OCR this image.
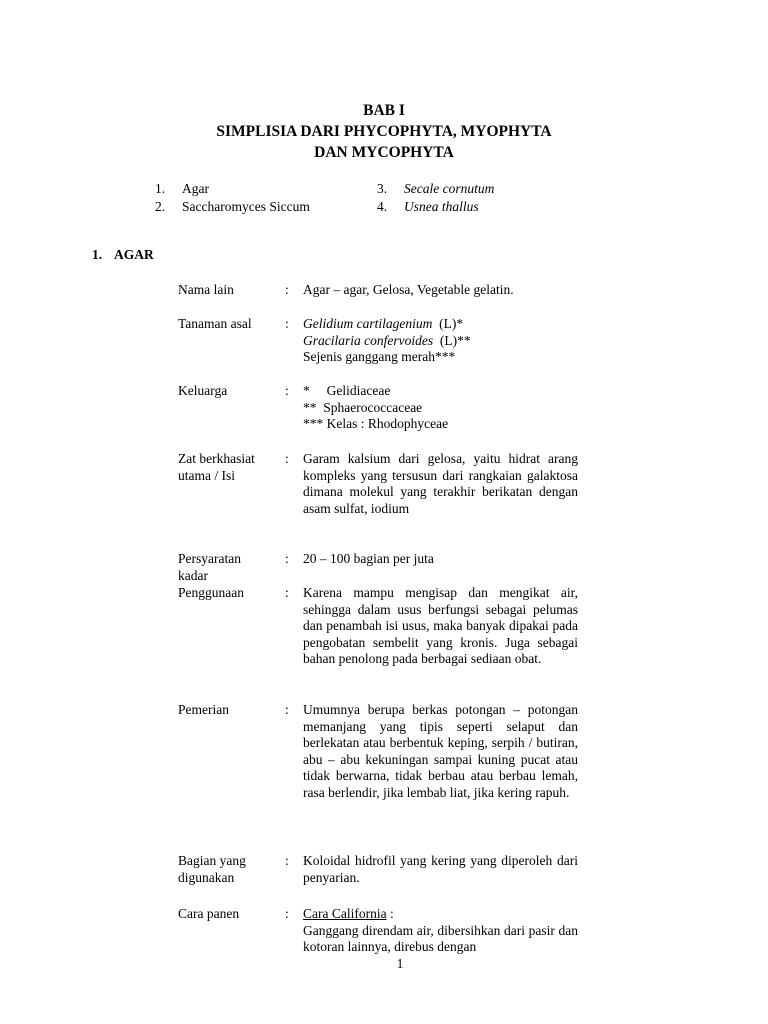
BAB I
SIMPLISIA DARI PHYCOPHYTA, MYOPHYTA
DAN MYCOPHYTA
1. Agar
2. Saccharomyces Siccum
3. Secale cornutum
4. Usnea thallus
1. AGAR
Nama lain	: Agar – agar, Gelosa, Vegetable gelatin.
Tanaman asal	: Gelidium cartilagenium  (L)*
Gracilaria confervoides  (L)**
Sejenis ganggang merah***
Keluarga	: *     Gelidiaceae
**  Sphaerococcaceae
*** Kelas : Rhodophyceae
Zat berkhasiat
utama / Isi
: Garam kalsium dari gelosa, yaitu hidrat arang kompleks yang tersusun dari rangkaian galaktosa dimana molekul yang terakhir berikatan dengan asam sulfat, iodium
Persyaratan
kadar
: 20 – 100 bagian per juta
Penggunaan	: Karena mampu mengisap dan mengikat air, sehingga dalam usus berfungsi sebagai pelumas dan penambah isi usus, maka banyak dipakai pada pengobatan sembelit yang kronis. Juga sebagai bahan penolong pada berbagai sediaan obat.
Pemerian	: Umumnya berupa berkas potongan – potongan memanjang yang tipis seperti selaput dan berlekatan atau berbentuk keping, serpih / butiran, abu – abu kekuningan sampai kuning pucat atau tidak berwarna, tidak berbau atau berbau lemah, rasa berlendir, jika lembab liat, jika kering rapuh.
Bagian yang
digunakan
: Koloidal hidrofil yang kering yang diperoleh dari penyarian.
Cara panen	: Cara California :
Ganggang direndam air, dibersihkan dari pasir dan kotoran lainnya, direbus dengan
1
